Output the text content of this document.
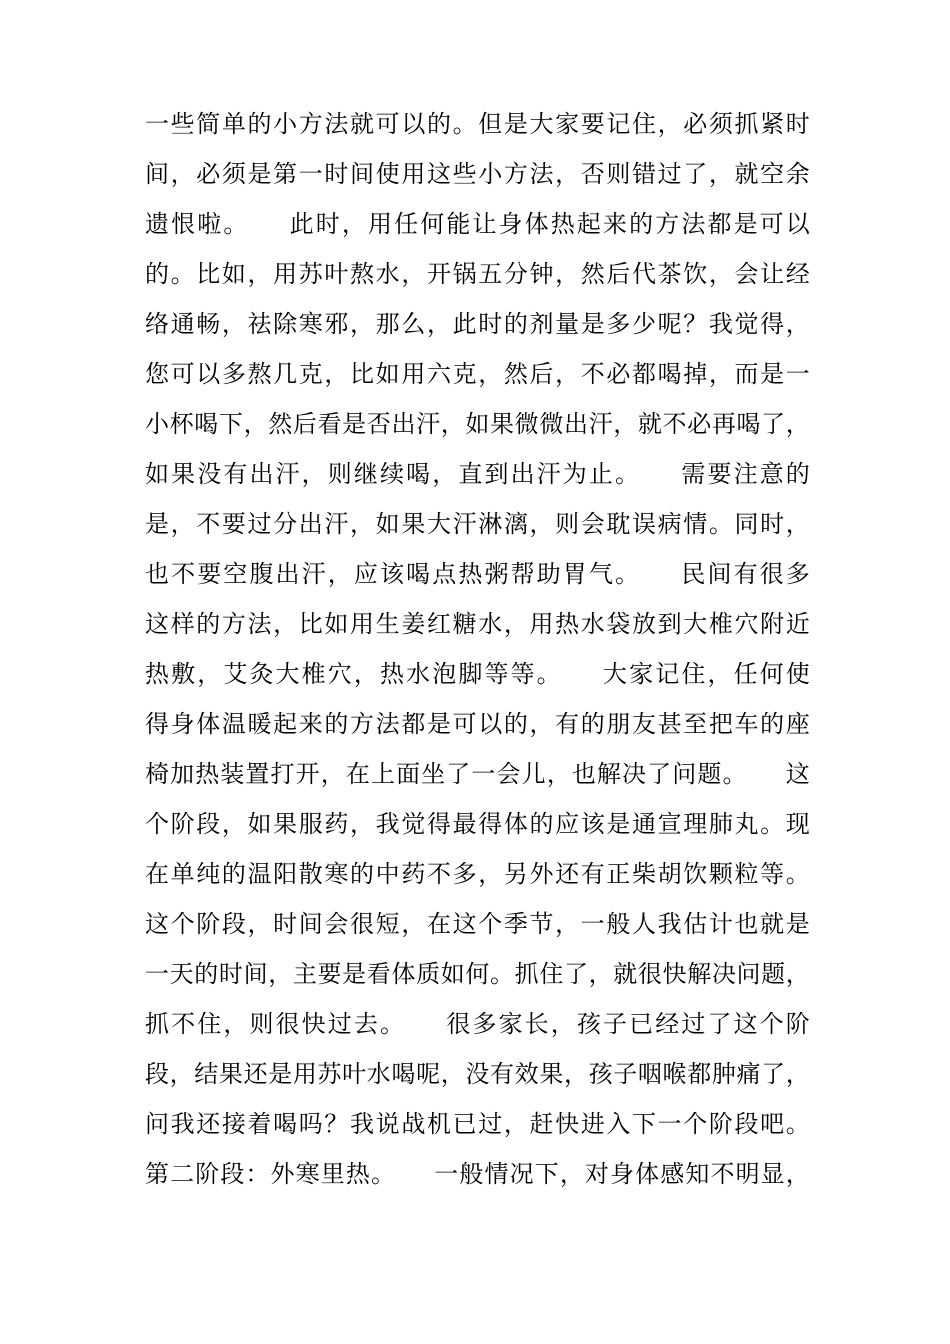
一些简单的小方法就可以的。但是大家要记住，必须抓紧时
间，必须是第一时间使用这些小方法，否则错过了，就空余
遗恨啦。　　此时，用任何能让身体热起来的方法都是可以
的。比如，用苏叶熬水，开锅五分钟，然后代茶饮，会让经
络通畅，祛除寒邪，那么，此时的剂量是多少呢？我觉得，
您可以多熬几克，比如用六克，然后，不必都喝掉，而是一
小杯喝下，然后看是否出汗，如果微微出汗，就不必再喝了，
如果没有出汗，则继续喝，直到出汗为止。　　需要注意的
是，不要过分出汗，如果大汗淋漓，则会耽误病情。同时，
也不要空腹出汗，应该喝点热粥帮助胃气。　　民间有很多
这样的方法，比如用生姜红糖水，用热水袋放到大椎穴附近
热敷，艾灸大椎穴，热水泡脚等等。　　大家记住，任何使
得身体温暖起来的方法都是可以的，有的朋友甚至把车的座
椅加热装置打开，在上面坐了一会儿，也解决了问题。　　这
个阶段，如果服药，我觉得最得体的应该是通宣理肺丸。现
在单纯的温阳散寒的中药不多，另外还有正柴胡饮颗粒等。
这个阶段，时间会很短，在这个季节，一般人我估计也就是
一天的时间，主要是看体质如何。抓住了，就很快解决问题，
抓不住，则很快过去。　　很多家长，孩子已经过了这个阶
段，结果还是用苏叶水喝呢，没有效果，孩子咽喉都肿痛了，
问我还接着喝吗？我说战机已过，赶快进入下一个阶段吧。
第二阶段：外寒里热。　　一般情况下，对身体感知不明显，
